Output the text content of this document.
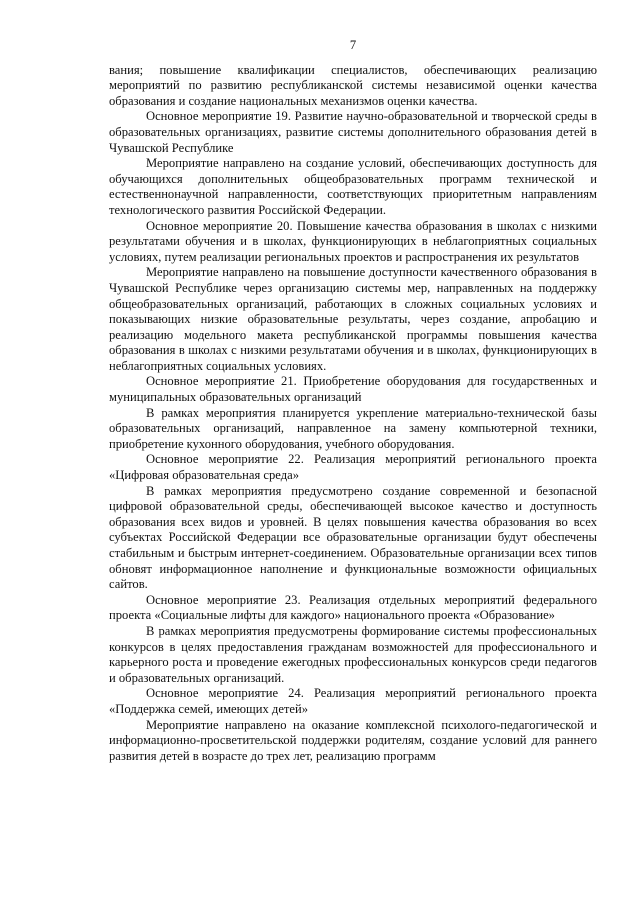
7

вания; повышение квалификации специалистов, обеспечивающих реализацию мероприятий по развитию республиканской системы независимой оценки качества образования и создание национальных механизмов оценки качества.

Основное мероприятие 19. Развитие научно-образовательной и творческой среды в образовательных организациях, развитие системы дополнительного образования детей в Чувашской Республике

Мероприятие направлено на создание условий, обеспечивающих доступность для обучающихся дополнительных общеобразовательных программ технической и естественнонаучной направленности, соответствующих приоритетным направлениям технологического развития Российской Федерации.

Основное мероприятие 20. Повышение качества образования в школах с низкими результатами обучения и в школах, функционирующих в неблагоприятных социальных условиях, путем реализации региональных проектов и распространения их результатов

Мероприятие направлено на повышение доступности качественного образования в Чувашской Республике через организацию системы мер, направленных на поддержку общеобразовательных организаций, работающих в сложных социальных условиях и показывающих низкие образовательные результаты, через создание, апробацию и реализацию модельного макета республиканской программы повышения качества образования в школах с низкими результатами обучения и в школах, функционирующих в неблагоприятных социальных условиях.

Основное мероприятие 21. Приобретение оборудования для государственных и муниципальных образовательных организаций

В рамках мероприятия планируется укрепление материально-технической базы образовательных организаций, направленное на замену компьютерной техники, приобретение кухонного оборудования, учебного оборудования.

Основное мероприятие 22. Реализация мероприятий регионального проекта «Цифровая образовательная среда»

В рамках мероприятия предусмотрено создание современной и безопасной цифровой образовательной среды, обеспечивающей высокое качество и доступность образования всех видов и уровней. В целях повышения качества образования во всех субъектах Российской Федерации все образовательные организации будут обеспечены стабильным и быстрым интернет-соединением. Образовательные организации всех типов обновят информационное наполнение и функциональные возможности официальных сайтов.

Основное мероприятие 23. Реализация отдельных мероприятий федерального проекта «Социальные лифты для каждого» национального проекта «Образование»

В рамках мероприятия предусмотрены формирование системы профессиональных конкурсов в целях предоставления гражданам возможностей для профессионального и карьерного роста и проведение ежегодных профессиональных конкурсов среди педагогов и образовательных организаций.

Основное мероприятие 24. Реализация мероприятий регионального проекта «Поддержка семей, имеющих детей»

Мероприятие направлено на оказание комплексной психолого-педагогической и информационно-просветительской поддержки родителям, создание условий для раннего развития детей в возрасте до трех лет, реализацию программ
